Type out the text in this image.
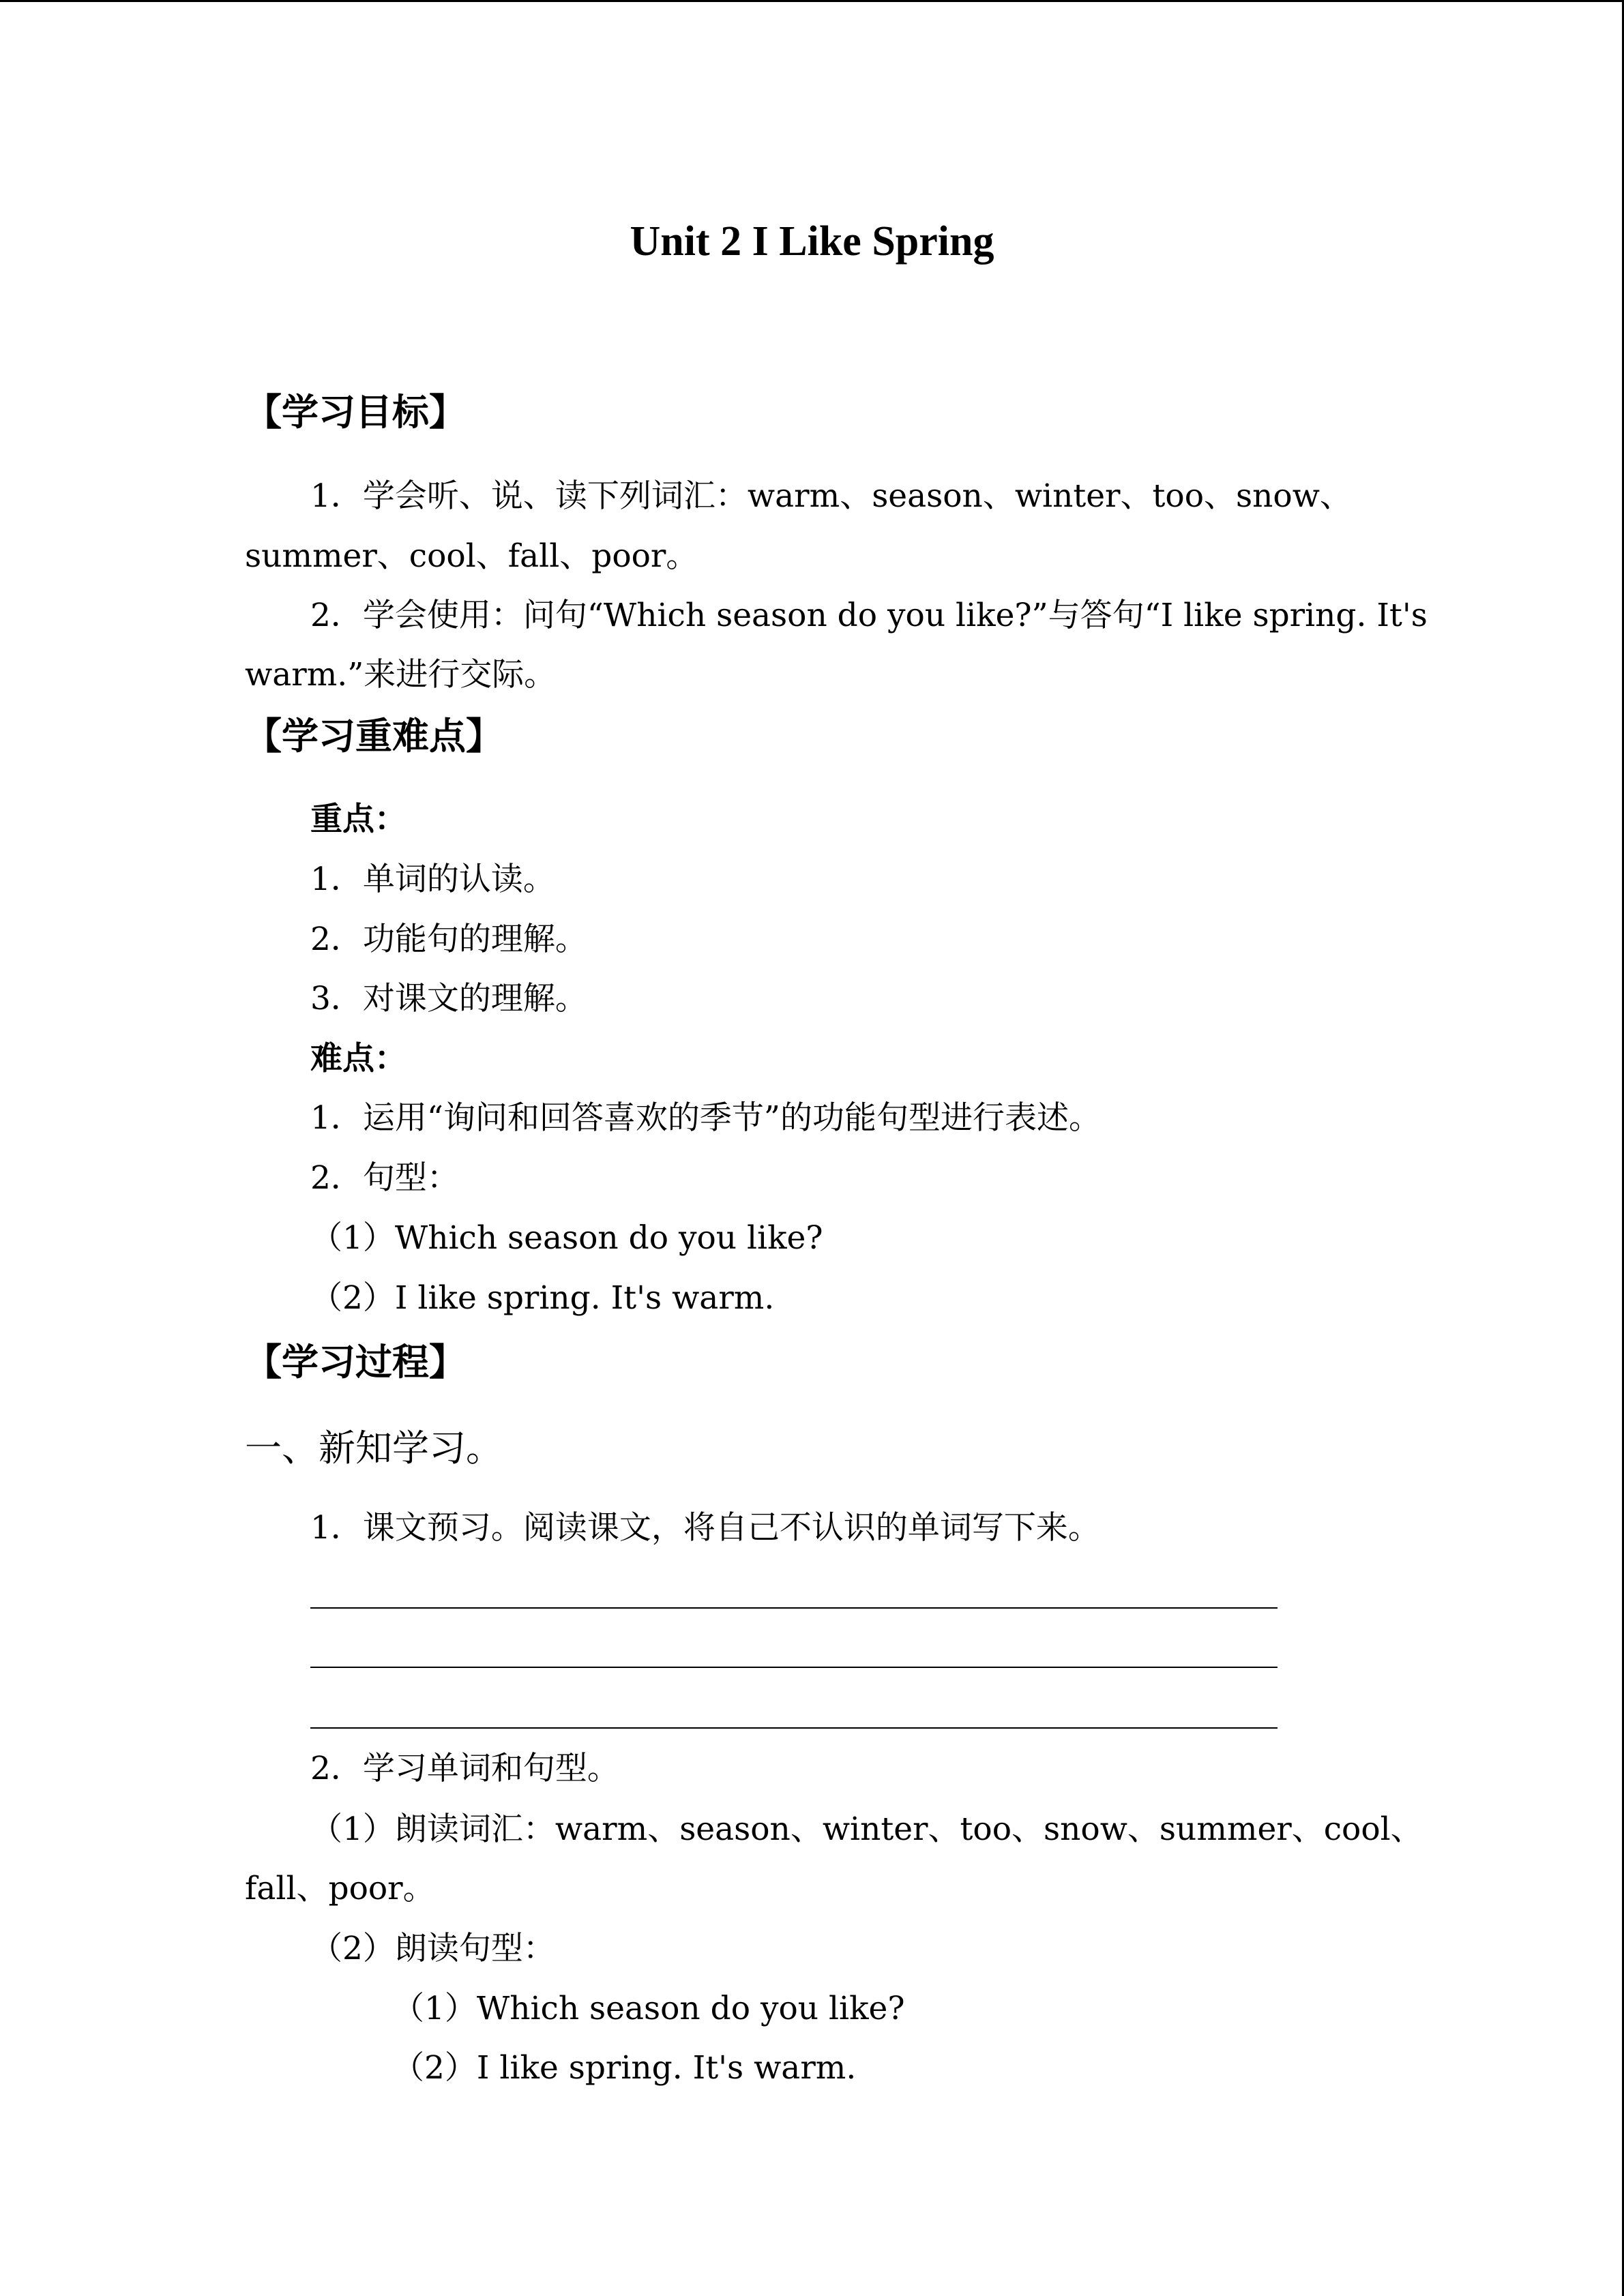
Unit 2 I Like Spring
【学习目标】
1．学会听、说、读下列词汇：warm、season、winter、too、snow、
summer、cool、fall、poor。
2．学会使用：问句“Which season do you like?”与答句“I like spring. It's
warm.”来进行交际。
【学习重难点】
重点：
1．单词的认读。
2．功能句的理解。
3．对课文的理解。
难点：
1．运用“询问和回答喜欢的季节”的功能句型进行表述。
2．句型：
（1）Which season do you like?
（2）I like spring. It's warm.
【学习过程】
一、新知学习。
1．课文预习。阅读课文，将自己不认识的单词写下来。
2．学习单词和句型。
（1）朗读词汇：warm、season、winter、too、snow、summer、cool、
fall、poor。
（2）朗读句型：
（1）Which season do you like?
（2）I like spring. It's warm.
